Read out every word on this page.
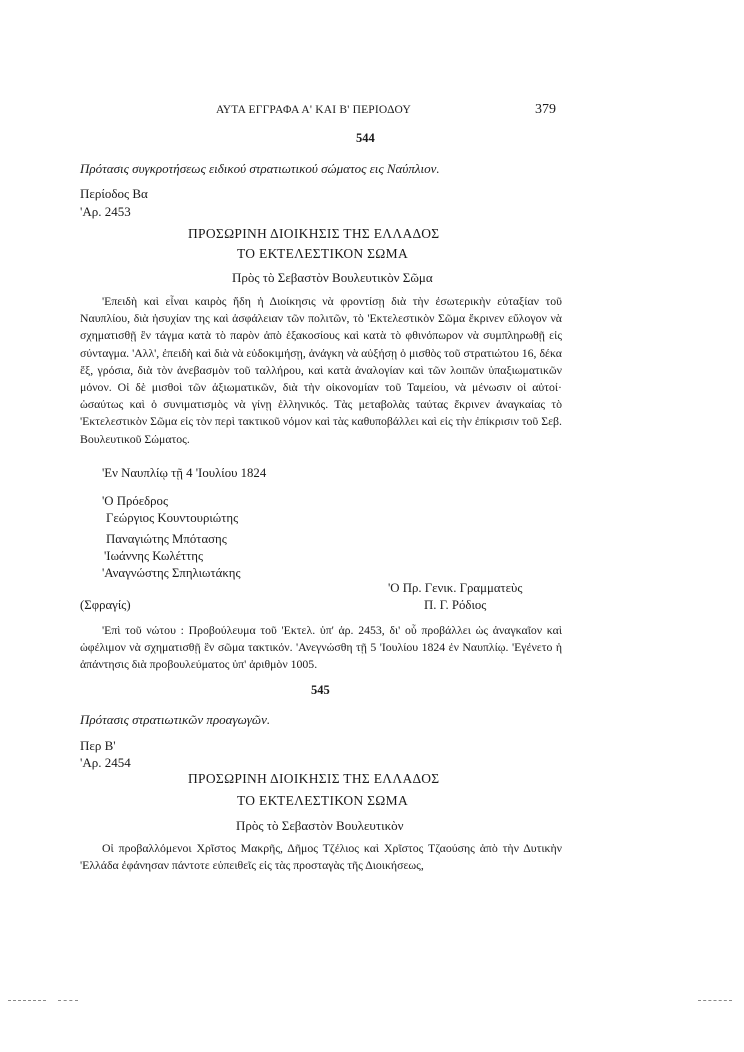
ΑΥΤΑ ΕΓΓΡΑΦΑ Α' ΚΑΙ Β' ΠΕΡΙΟΔΟΥ	379
544
Πρότασις συγκροτήσεως ειδικού στρατιωτικού σώματος εις Ναύπλιον.
Περίοδος Βα
'Αρ. 2453
ΠΡΟΣΩΡΙΝΗ ΔΙΟΙΚΗΣΙΣ ΤΗΣ ΕΛΛΑΔΟΣ
ΤΟ ΕΚΤΕΛΕΣΤΙΚΟΝ ΣΩΜΑ
Πρὸς τὸ Σεβαστὸν Βουλευτικὸν Σῶμα
'Επειδὴ καὶ εἶναι καιρὸς ἤδη ἡ Διοίκησις νὰ φροντίσῃ διὰ τὴν ἐσωτερικὴν εὐταξίαν τοῦ Ναυπλίου, διὰ ἡσυχίαν της καὶ ἀσφάλειαν τῶν πολιτῶν, τὸ 'Εκτελεστικὸν Σῶμα ἔκρινεν εὔλογον νὰ σχηματισθῇ ἓν τάγμα κατὰ τὸ παρὸν ἀπὸ ἑξακοσίους καὶ κατὰ τὸ φθινόπωρον νὰ συμπληρωθῇ εἰς σύνταγμα. 'Αλλ', ἐπειδὴ καὶ διὰ νὰ εὐδοκιμήσῃ, ἀνάγκη νὰ αὐξήσῃ ὁ μισθὸς τοῦ στρατιώτου 16, δέκα ἕξ, γρόσια, διὰ τὸν ἀνεβασμὸν τοῦ ταλλήρου, καὶ κατὰ ἀναλογίαν καὶ τῶν λοιπῶν ὑπαξιωματικῶν μόνον. Οἱ δὲ μισθοὶ τῶν ἀξιωματικῶν, διὰ τὴν οἰκονομίαν τοῦ Ταμείου, νὰ μένωσιν οἱ αὐτοί· ὡσαύτως καὶ ὁ συνιματισμὸς νὰ γίνῃ ἑλληνικός. Τὰς μεταβολὰς ταύτας ἔκρινεν ἀναγκαίας τὸ 'Εκτελεστικὸν Σῶμα εἰς τὸν περὶ τακτικοῦ νόμον καὶ τὰς καθυποβάλλει καὶ εἰς τὴν ἐπίκρισιν τοῦ Σεβ. Βουλευτικοῦ Σώματος.
'Εν Ναυπλίῳ τῇ 4 'Ιουλίου 1824
'Ο Πρόεδρος
Γεώργιος Κουντουριώτης
Παναγιώτης Μπότασης
'Ιωάννης Κωλέττης
'Αναγνώστης Σπηλιωτάκης
'Ο Πρ. Γενικ. Γραμματεὺς
(Σφραγίς)	Π. Γ. Ρόδιος
'Επὶ τοῦ νώτου : Προβούλευμα τοῦ 'Εκτελ. ὑπ' ἀρ. 2453, δι' οὗ προβάλλει ὡς ἀναγκαῖον καὶ ὠφέλιμον νὰ σχηματισθῇ ἓν σῶμα τακτικόν. 'Ανεγνώσθη τῇ 5 'Ιουλίου 1824 ἐν Ναυπλίῳ. 'Εγένετο ἡ ἀπάντησις διὰ προβουλεύματος ὑπ' ἀριθμὸν 1005.
545
Πρότασις στρατιωτικῶν προαγωγῶν.
Περ Β'
'Αρ. 2454
ΠΡΟΣΩΡΙΝΗ ΔΙΟΙΚΗΣΙΣ ΤΗΣ ΕΛΛΑΔΟΣ
ΤΟ ΕΚΤΕΛΕΣΤΙΚΟΝ ΣΩΜΑ
Πρὸς τὸ Σεβαστὸν Βουλευτικὸν
Οἱ προβαλλόμενοι Χρῖστος Μακρῆς, Δῆμος Τζέλιος καὶ Χρῖστος Τζαούσης ἀπὸ τὴν Δυτικὴν 'Ελλάδα ἐφάνησαν πάντοτε εὐπειθεῖς εἰς τὰς προσταγὰς τῆς Διοικήσεως,
